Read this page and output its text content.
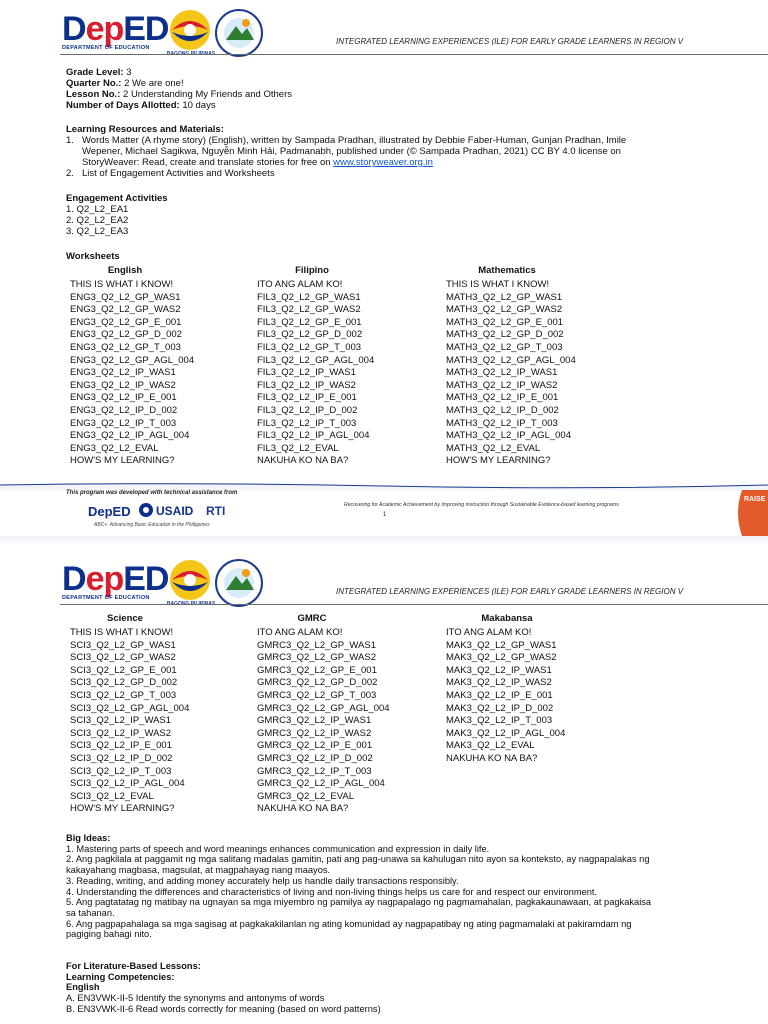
DepED
DEPARTMENT OF EDUCATION
INTEGRATED LEARNING EXPERIENCES (ILE) FOR EARLY GRADE LEARNERS IN REGION V
Grade Level: 3
Quarter No.: 2 We are one!
Lesson No.: 2 Understanding My Friends and Others
Number of Days Allotted: 10 days
Learning Resources and Materials:
1. Words Matter (A rhyme story) (English), written by Sampada Pradhan, illustrated by Debbie Faber-Human, Gunjan Pradhan, Imile
Wepener, Michael Sagikwa, Nguyễn Minh Hải, Padmanabh, published under (© Sampada Pradhan, 2021) CC BY 4.0 license on
StoryWeaver: Read, create and translate stories for free on www.storyweaver.org.in
2. List of Engagement Activities and Worksheets
Engagement Activities
1. Q2_L2_EA1
2. Q2_L2_EA2
3. Q2_L2_EA3
Worksheets
English
THIS IS WHAT I KNOW!
ENG3_Q2_L2_GP_WAS1
ENG3_Q2_L2_GP_WAS2
ENG3_Q2_L2_GP_E_001
ENG3_Q2_L2_GP_D_002
ENG3_Q2_L2_GP_T_003
ENG3_Q2_L2_GP_AGL_004
ENG3_Q2_L2_IP_WAS1
ENG3_Q2_L2_IP_WAS2
ENG3_Q2_L2_IP_E_001
ENG3_Q2_L2_IP_D_002
ENG3_Q2_L2_IP_T_003
ENG3_Q2_L2_IP_AGL_004
ENG3_Q2_L2_EVAL
HOW'S MY LEARNING?
Filipino
ITO ANG ALAM KO!
FIL3_Q2_L2_GP_WAS1
FIL3_Q2_L2_GP_WAS2
FIL3_Q2_L2_GP_E_001
FIL3_Q2_L2_GP_D_002
FIL3_Q2_L2_GP_T_003
FIL3_Q2_L2_GP_AGL_004
FIL3_Q2_L2_IP_WAS1
FIL3_Q2_L2_IP_WAS2
FIL3_Q2_L2_IP_E_001
FIL3_Q2_L2_IP_D_002
FIL3_Q2_L2_IP_T_003
FIL3_Q2_L2_IP_AGL_004
FIL3_Q2_L2_EVAL
NAKUHA KO NA BA?
Mathematics
THIS IS WHAT I KNOW!
MATH3_Q2_L2_GP_WAS1
MATH3_Q2_L2_GP_WAS2
MATH3_Q2_L2_GP_E_001
MATH3_Q2_L2_GP_D_002
MATH3_Q2_L2_GP_T_003
MATH3_Q2_L2_GP_AGL_004
MATH3_Q2_L2_IP_WAS1
MATH3_Q2_L2_IP_WAS2
MATH3_Q2_L2_IP_E_001
MATH3_Q2_L2_IP_D_002
MATH3_Q2_L2_IP_T_003
MATH3_Q2_L2_IP_AGL_004
MATH3_Q2_L2_EVAL
HOW'S MY LEARNING?
This program was developed with technical assistance from
DepED USAID RTI
ABC+: Advancing Basic Education in the Philippines
Recovering for Academic Achievement by Improving instruction through Sustainable Evidence-based learning programs
1
RAISE
DepED
DEPARTMENT OF EDUCATION
INTEGRATED LEARNING EXPERIENCES (ILE) FOR EARLY GRADE LEARNERS IN REGION V
Science
THIS IS WHAT I KNOW!
SCI3_Q2_L2_GP_WAS1
SCI3_Q2_L2_GP_WAS2
SCI3_Q2_L2_GP_E_001
SCI3_Q2_L2_GP_D_002
SCI3_Q2_L2_GP_T_003
SCI3_Q2_L2_GP_AGL_004
SCI3_Q2_L2_IP_WAS1
SCI3_Q2_L2_IP_WAS2
SCI3_Q2_L2_IP_E_001
SCI3_Q2_L2_IP_D_002
SCI3_Q2_L2_IP_T_003
SCI3_Q2_L2_IP_AGL_004
SCI3_Q2_L2_EVAL
HOW'S MY LEARNING?
GMRC
ITO ANG ALAM KO!
GMRC3_Q2_L2_GP_WAS1
GMRC3_Q2_L2_GP_WAS2
GMRC3_Q2_L2_GP_E_001
GMRC3_Q2_L2_GP_D_002
GMRC3_Q2_L2_GP_T_003
GMRC3_Q2_L2_GP_AGL_004
GMRC3_Q2_L2_IP_WAS1
GMRC3_Q2_L2_IP_WAS2
GMRC3_Q2_L2_IP_E_001
GMRC3_Q2_L2_IP_D_002
GMRC3_Q2_L2_IP_T_003
GMRC3_Q2_L2_IP_AGL_004
GMRC3_Q2_L2_EVAL
NAKUHA KO NA BA?
Makabansa
ITO ANG ALAM KO!
MAK3_Q2_L2_GP_WAS1
MAK3_Q2_L2_GP_WAS2
MAK3_Q2_L2_IP_WAS1
MAK3_Q2_L2_IP_WAS2
MAK3_Q2_L2_IP_E_001
MAK3_Q2_L2_IP_D_002
MAK3_Q2_L2_IP_T_003
MAK3_Q2_L2_IP_AGL_004
MAK3_Q2_L2_EVAL
NAKUHA KO NA BA?
Big Ideas:
1. Mastering parts of speech and word meanings enhances communication and expression in daily life.
2. Ang pagkilala at paggamit ng mga salitang madalas gamitin, pati ang pag-unawa sa kahulugan nito ayon sa konteksto, ay nagpapalakas ng
kakayahang magbasa, magsulat, at magpahayag nang maayos.
3. Reading, writing, and adding money accurately help us handle daily transactions responsibly.
4. Understanding the differences and characteristics of living and non-living things helps us care for and respect our environment.
5. Ang pagtatatag ng matibay na ugnayan sa mga miyembro ng pamilya ay nagpapalago ng pagmamahalan, pagkakaunawaan, at pagkakaisa
sa tahanan.
6. Ang pagpapahalaga sa mga sagisag at pagkakakilanlan ng ating komunidad ay nagpapatibay ng ating pagmamalaki at pakiramdam ng
pagiging bahagi nito.
For Literature-Based Lessons:
Learning Competencies:
English
A. EN3VWK-II-5 Identify the synonyms and antonyms of words
B. EN3VWK-II-6 Read words correctly for meaning (based on word patterns)
